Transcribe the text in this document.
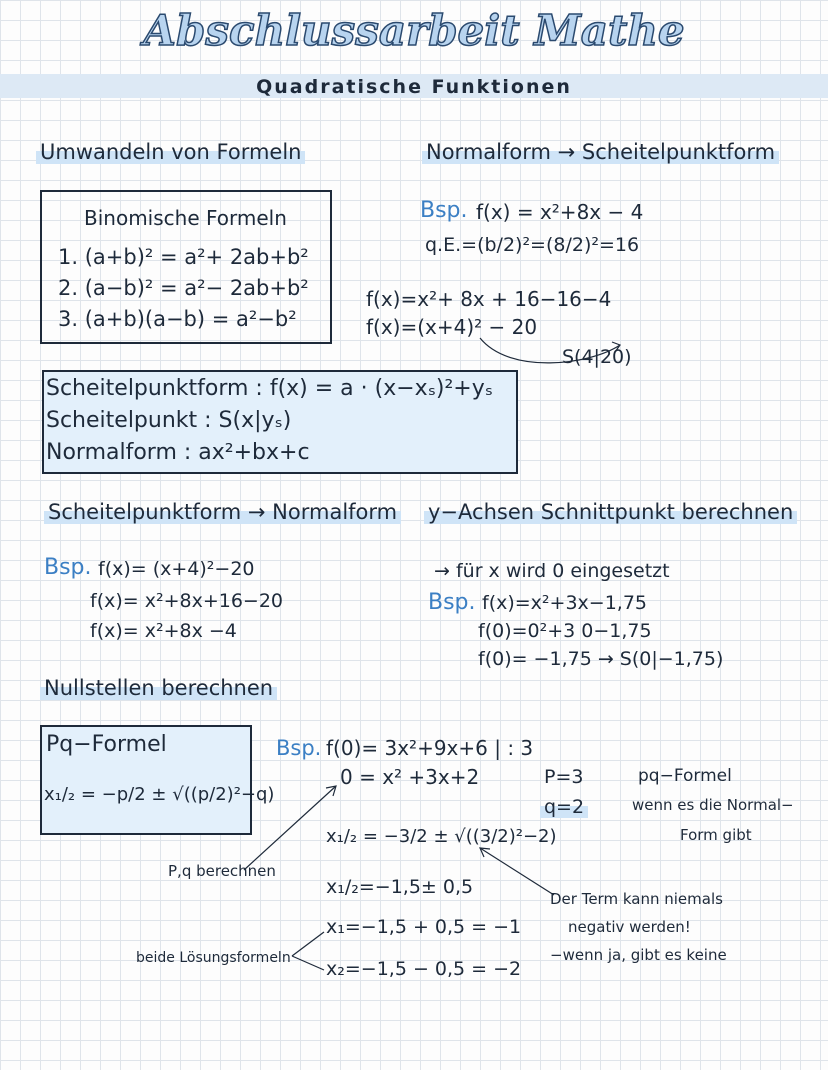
Abschlussarbeit Mathe
Quadratische Funktionen
Umwandeln von Formeln
Binomische Formeln
1. (a+b)² = a²+ 2ab+b²
2. (a−b)² = a²− 2ab+b²
3. (a+b)(a−b) = a²−b²
Normalform → Scheitelpunktform
Bsp. f(x) = x²+8x − 4
q.E.=(b/2)²=(8/2)²=16
f(x)=x²+ 8x + 16−16−4
f(x)=(x+4)² − 20
S(4|20)
Scheitelpunktform : f(x) = a · (x−xₛ)²+yₛ
Scheitelpunkt : S(x|yₛ)
Normalform : ax²+bx+c
Scheitelpunktform → Normalform
Bsp. f(x)= (x+4)²−20
f(x)= x²+8x+16−20
f(x)= x²+8x −4
y−Achsen Schnittpunkt berechnen
→ für x wird 0 eingesetzt
Bsp. f(x)=x²+3x−1,75
f(0)=0²+3 0−1,75
f(0)= −1,75 → S(0|−1,75)
Nullstellen berechnen
Pq−Formel
x₁/₂ = −p/2 ± √((p/2)²−q)
Bsp. f(0)= 3x²+9x+6 | : 3
0 = x² +3x+2	P=3
q=2
x₁/₂ = −3/2 ± √((3/2)²−2)
x₁/₂=−1,5± 0,5
x₁=−1,5 + 0,5 = −1
x₂=−1,5 − 0,5 = −2
pq−Formel
wenn es die Normal−
Form gibt
P,q berechnen
Der Term kann niemals
negativ werden!
−wenn ja, gibt es keine
beide Lösungsformeln
